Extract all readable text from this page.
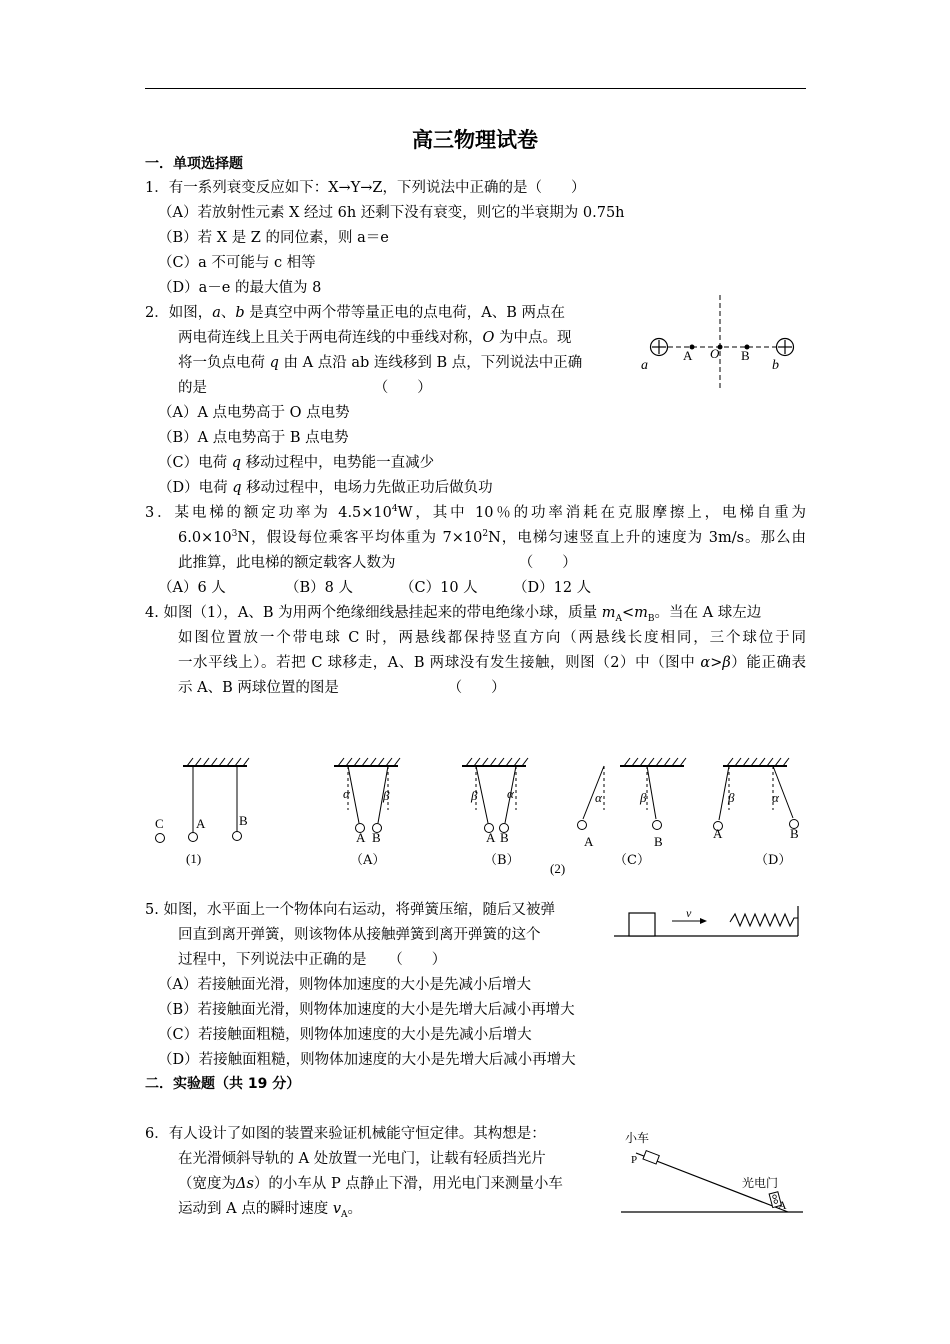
高三物理试卷
一．单项选择题
1．有一系列衰变反应如下：X→Y→Z，下列说法中正确的是（　　）
（A）若放射性元素 X 经过 6h 还剩下没有衰变，则它的半衰期为 0.75h
（B）若 X 是 Z 的同位素，则 a＝e
（C）a 不可能与 c 相等
（D）a－e 的最大值为 8
2．如图，a、b 是真空中两个带等量正电的点电荷，A、B 两点在
两电荷连线上且关于两电荷连线的中垂线对称，O 为中点。现
将一负点电荷 q 由 A 点沿 ab 连线移到 B 点，下列说法中正确
的是　　　　　　　　　　　　（　　）
（A）A 点电势高于 O 点电势
（B）A 点电势高于 B 点电势
（C）电荷 q 移动过程中，电势能一直减少
（D）电荷 q 移动过程中，电场力先做正功后做负功
a	b
A O B
3．某电梯的额定功率为 $4.5\times 10^4W$，其中 10％的功率消耗在克服摩擦上，电梯自重为
$6.0\times 10^3N$，假设每位乘客平均体重为 $7\times 10^2N$，电梯匀速竖直上升的速度为 3m/s。那么由
此推算，此电梯的额定载客人数为　　　　　　　　　（　　）
（A）6 人	（B）8 人	（C）10 人 （D）12 人
4. 如图（1），A、B 为用两个绝缘细线悬挂起来的带电绝缘小球，质量 $m_A<m_B$。当在 A 球左边
如图位置放一个带电球 C 时，两悬线都保持竖直方向（两悬线长度相同，三个球位于同
一水平线上）。若把 C 球移走，A、B 两球没有发生接触，则图（2）中（图中 α>β）能正确表
示 A、B 两球位置的图是　　　　　　　　（　　）
C A	B
(1)
α	β
A B
（A）
β α
A B
（B）
(2)
α	β
A	B
（C）
β	α
A	B
（D）
5. 如图，水平面上一个物体向右运动，将弹簧压缩，随后又被弹
回直到离开弹簧，则该物体从接触弹簧到离开弹簧的这个
过程中，下列说法中正确的是　　（　　）
（A）若接触面光滑，则物体加速度的大小是先减小后增大
（B）若接触面光滑，则物体加速度的大小是先增大后减小再增大
（C）若接触面粗糙，则物体加速度的大小是先减小后增大
（D）若接触面粗糙，则物体加速度的大小是先增大后减小再增大
v
二．实验题（共 19 分）
6．有人设计了如图的装置来验证机械能守恒定律。其构想是：
在光滑倾斜导轨的 A 处放置一光电门，让载有轻质挡光片
（宽度为Δs）的小车从 P 点静止下滑，用光电门来测量小车
运动到 A 点的瞬时速度 $v_A$。
小车
P
光电门
A
